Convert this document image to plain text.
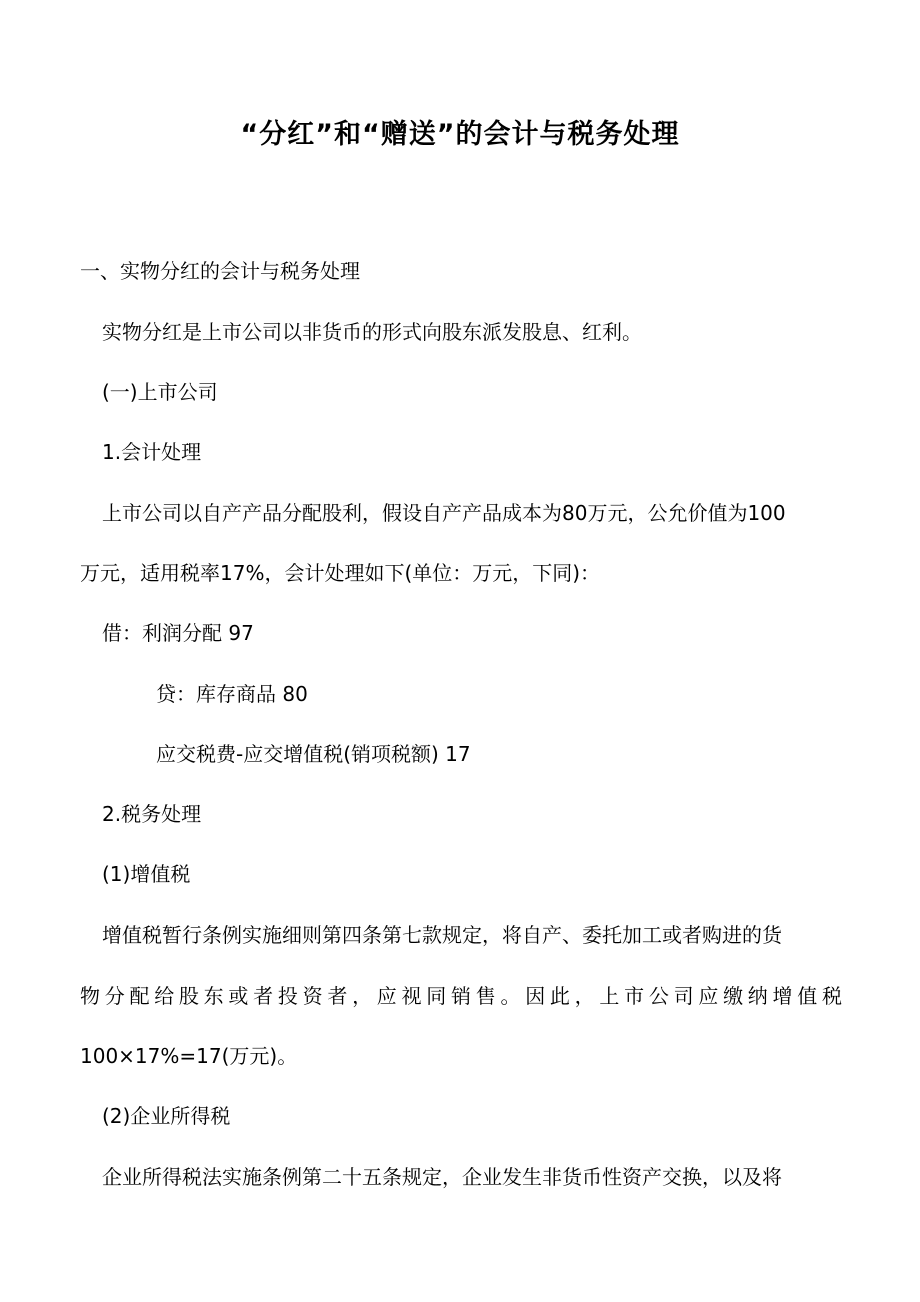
“分红”和“赠送”的会计与税务处理
一、实物分红的会计与税务处理
实物分红是上市公司以非货币的形式向股东派发股息、红利。
(一)上市公司
1.会计处理
上市公司以自产产品分配股利，假设自产产品成本为80万元，公允价值为100
万元，适用税率17%，会计处理如下(单位：万元，下同)：
借：利润分配 97
贷：库存商品 80
应交税费-应交增值税(销项税额) 17
2.税务处理
(1)增值税
增值税暂行条例实施细则第四条第七款规定，将自产、委托加工或者购进的货
物分配给股东或者投资者，应视同销售。因此，上市公司应缴纳增值税
100×17%=17(万元)。
(2)企业所得税
企业所得税法实施条例第二十五条规定，企业发生非货币性资产交换，以及将
